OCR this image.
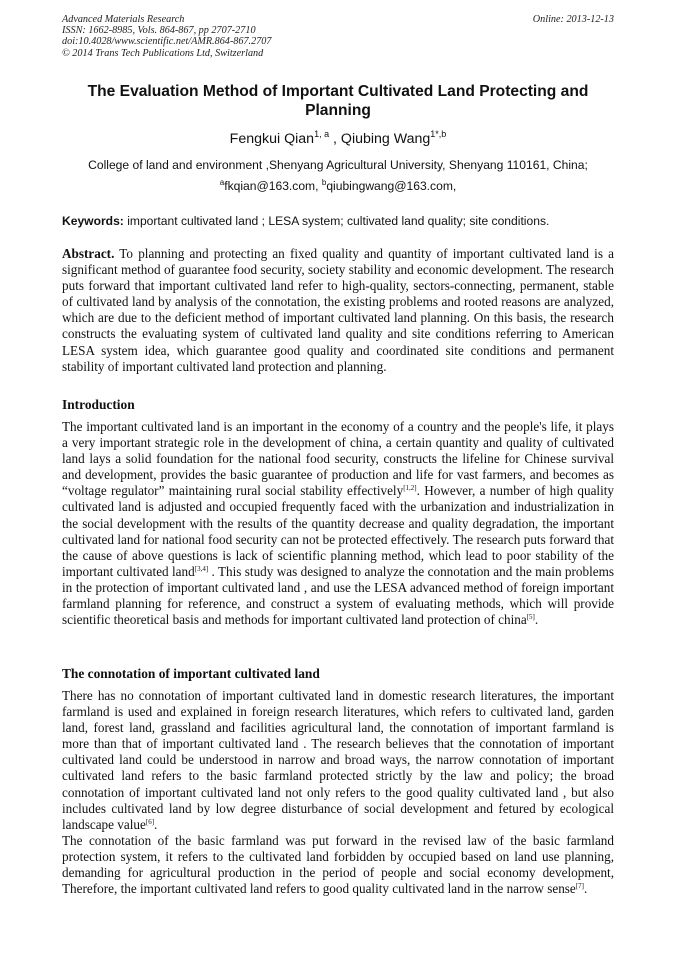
Advanced Materials Research
ISSN: 1662-8985, Vols. 864-867, pp 2707-2710
doi:10.4028/www.scientific.net/AMR.864-867.2707
© 2014 Trans Tech Publications Ltd, Switzerland
Online: 2013-12-13
The Evaluation Method of Important Cultivated Land Protecting and
Planning
Fengkui Qian$^{1, a}$ , Qiubing Wang$^{1*,b}$
College of land and environment ,Shenyang Agricultural University, Shenyang 110161, China;
$^a$fkqian@163.com, $^b$qiubingwang@163.com,
Keywords: important cultivated land ; LESA system; cultivated land quality; site conditions.

Abstract. To planning and protecting an fixed quality and quantity of important cultivated land is a significant method of guarantee food security, society stability and economic development. The research puts forward that important cultivated land refer to high-quality, sectors-connecting, permanent, stable of cultivated land by analysis of the connotation, the existing problems and rooted reasons are analyzed, which are due to the deficient method of important cultivated land planning. On this basis, the research constructs the evaluating system of cultivated land quality and site conditions referring to American LESA system idea, which guarantee good quality and coordinated site conditions and permanent stability of important cultivated land protection and planning.

Introduction

The important cultivated land is an important in the economy of a country and the people's life, it plays a very important strategic role in the development of china, a certain quantity and quality of cultivated land lays a solid foundation for the national food security, constructs the lifeline for Chinese survival and development, provides the basic guarantee of production and life for vast farmers, and becomes as “voltage regulator” maintaining rural social stability effectively[1,2]. However, a number of high quality cultivated land is adjusted and occupied frequently faced with the urbanization and industrialization in the social development with the results of the quantity decrease and quality degradation, the important cultivated land for national food security can not be protected effectively. The research puts forward that the cause of above questions is lack of scientific planning method, which lead to poor stability of the important cultivated land[3,4] . This study was designed to analyze the connotation and the main problems in the protection of important cultivated land , and use the LESA advanced method of foreign important farmland planning for reference, and construct a system of evaluating methods, which will provide scientific theoretical basis and methods for important cultivated land protection of china[5].

The connotation of important cultivated land

There has no connotation of important cultivated land in domestic research literatures, the important farmland is used and explained in foreign research literatures, which refers to cultivated land, garden land, forest land, grassland and facilities agricultural land, the connotation of important farmland is more than that of important cultivated land . The research believes that the connotation of important cultivated land could be understood in narrow and broad ways, the narrow connotation of important cultivated land refers to the basic farmland protected strictly by the law and policy; the broad connotation of important cultivated land not only refers to the good quality cultivated land , but also includes cultivated land by low degree disturbance of social development and fetured by ecological landscape value[6].

The connotation of the basic farmland was put forward in the revised law of the basic farmland protection system, it refers to the cultivated land forbidden by occupied based on land use planning, demanding for agricultural production in the period of people and social economy development, Therefore, the important cultivated land refers to good quality cultivated land in the narrow sense[7].
